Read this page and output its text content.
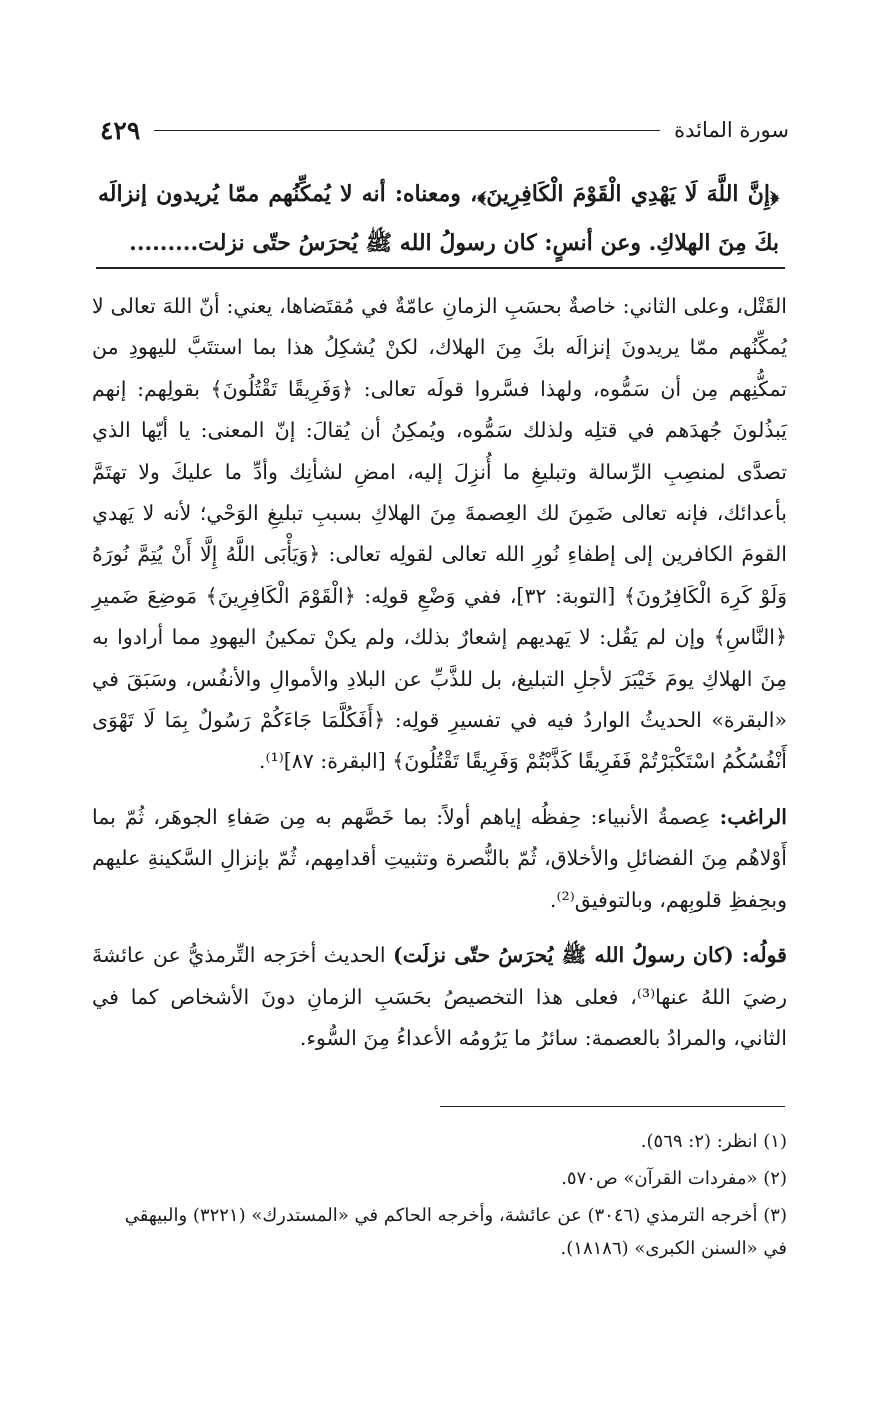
سورة المائدة
٤٢٩
﴿إِنَّ اللَّهَ لَا يَهْدِي الْقَوْمَ الْكَافِرِينَ﴾، ومعناه: أنه لا يُمكِّنُهم ممّا يُريدون إنزالَه بكَ مِنَ الهلاكِ. وعن أنسٍ: كان رسولُ الله ﷺ يُحرَسُ حتّى نزلت.........

القَتْل، وعلى الثاني: خاصةٌ بحسَبِ الزمانِ عامّةٌ في مُقتَضاها، يعني: أنّ اللهَ تعالى لا يُمكِّنُهم ممّا يريدونَ إنزالَه بكَ مِنَ الهلاك، لكنْ يُشكِلُ هذا بما استتَبَّ لليهودِ من تمكُّنِهم مِن أن سَمُّوه، ولهذا فسَّروا قولَه تعالى: ﴿وَفَرِيقًا تَقْتُلُونَ﴾ بقولِهم: إنهم يَبذُلونَ جُهدَهم في قتلِه ولذلك سَمُّوه، ويُمكِنُ أن يُقالَ: إنّ المعنى: يا أيّها الذي تصدَّى لمنصِبِ الرِّسالة وتبليغِ ما أُنزِلَ إليه، امضِ لشأنِك وأدِّ ما عليكَ ولا تهتَمَّ بأعدائك، فإنه تعالى ضَمِنَ لك العِصمةَ مِنَ الهلاكِ بسببِ تبليغِ الوَحْي؛ لأنه لا يَهدي القومَ الكافرين إلى إطفاءِ نُورِ الله تعالى لقولِه تعالى: ﴿وَيَأْبَى اللَّهُ إِلَّا أَنْ يُتِمَّ نُورَهُ وَلَوْ كَرِهَ الْكَافِرُونَ﴾ [التوبة: ٣٢]، ففي وَضْعِ قولِه: ﴿الْقَوْمَ الْكَافِرِينَ﴾ مَوضِعَ ضَميرِ ﴿النَّاسِ﴾ وإن لم يَقُل: لا يَهديهم إشعارٌ بذلك، ولم يكنْ تمكينُ اليهودِ مما أرادوا به مِنَ الهلاكِ يومَ خَيْبَرَ لأجلِ التبليغ، بل للذَّبِّ عن البلادِ والأموالِ والأنفُس، وسَبَقَ في «البقرة» الحديثُ الواردُ فيه في تفسيرِ قولِه: ﴿أَفَكُلَّمَا جَاءَكُمْ رَسُولٌ بِمَا لَا تَهْوَى أَنْفُسُكُمُ اسْتَكْبَرْتُمْ فَفَرِيقًا كَذَّبْتُمْ وَفَرِيقًا تَقْتُلُونَ﴾ [البقرة: ٨٧]⁽¹⁾.

الراغب: عِصمةُ الأنبياء: حِفظُه إياهم أولاً: بما خَصَّهم به مِن صَفاءِ الجوهَر، ثُمّ بما أَوْلاهُم مِنَ الفضائلِ والأخلاق، ثُمّ بالنُّصرة وتثبيتِ أقدامِهم، ثُمّ بإنزالِ السَّكينةِ عليهم وبحِفظِ قلوبِهم، وبالتوفيق⁽²⁾.

قولُه: (كان رسولُ الله ﷺ يُحرَسُ حتّى نزلَت) الحديث أخرَجه التِّرمذيُّ عن عائشةَ رضيَ اللهُ عنها⁽³⁾، فعلى هذا التخصيصُ بحَسَبِ الزمانِ دونَ الأشخاص كما في الثاني، والمرادُ بالعصمة: سائرُ ما يَرُومُه الأعداءُ مِنَ السُّوء.

(١) انظر: (٢: ٥٦٩).

(٢) «مفردات القرآن» ص٥٧٠.

(٣) أخرجه الترمذي (٣٠٤٦) عن عائشة، وأخرجه الحاكم في «المستدرك» (٣٢٢١) والبيهقي في «السنن الكبرى» (١٨١٨٦).
